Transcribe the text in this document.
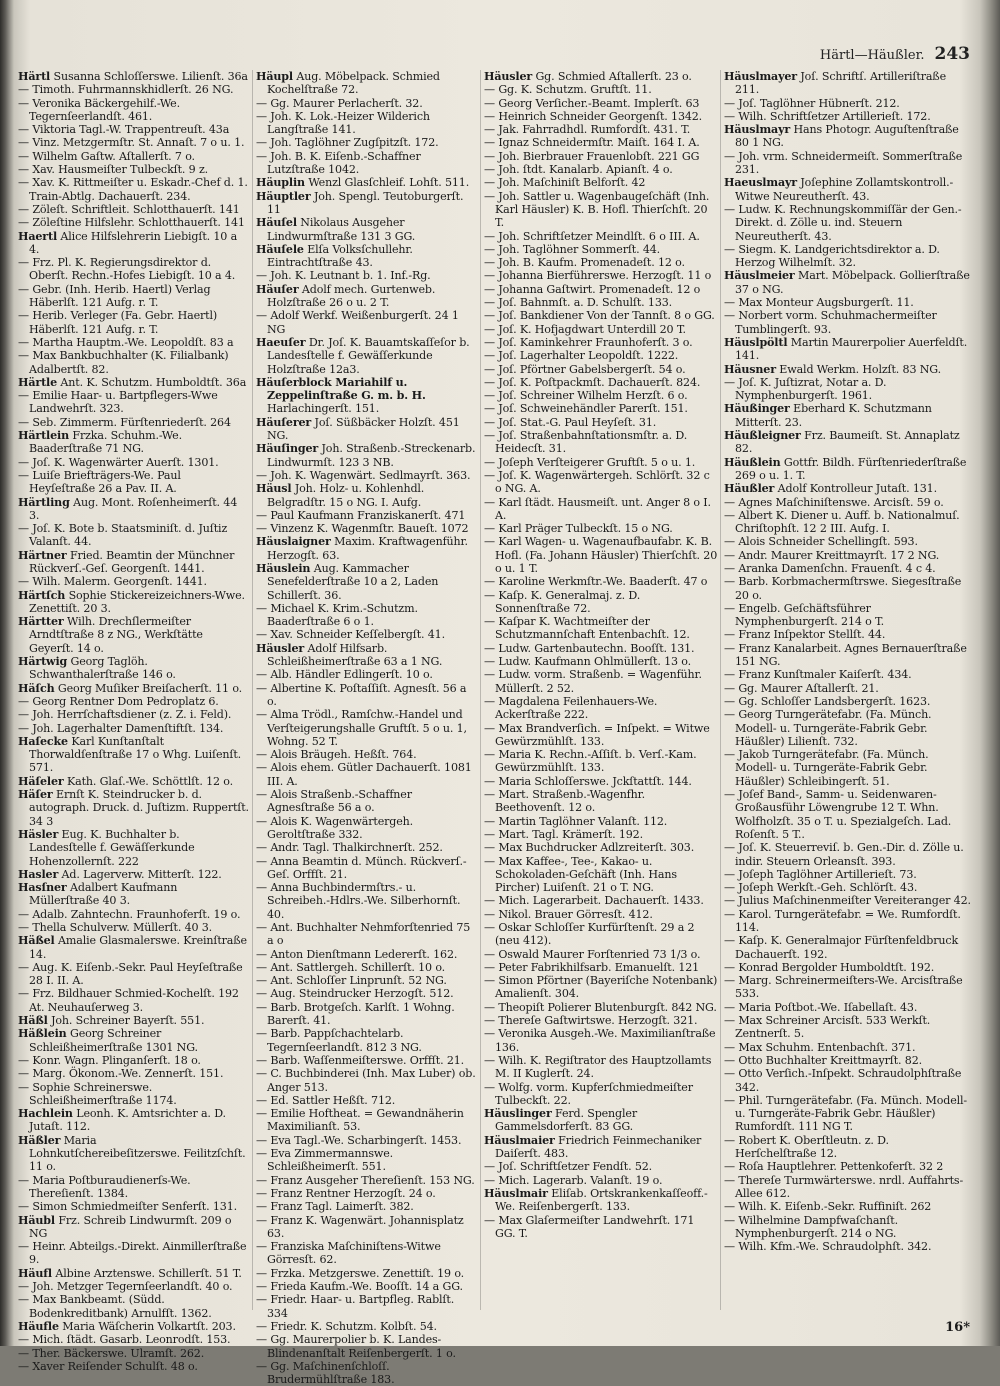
Härtl—Häußler. 243

Härtl Susanna Schloſſerswe. Lilienſt. 36a

— Timoth. Fuhrmannskhidlerſt. 26 NG.

— Veronika Bäckergehilf.-We. Tegernſeerlandſt. 461.

— Viktoria Tagl.-W. Trappentreuſt. 43a

— Vinz. Metzgermſtr. St. Annaſt. 7 o u. 1.

— Wilhelm Gaſtw. Aſtallerſt. 7 o.

— Xav. Hausmeiſter Tulbeckſt. 9 z.

— Xav. K. Rittmeiſter u. Eskadr.-Chef d. 1. Train-Abtlg. Dachauerſt. 234.

— Zöleſt. Schriftleit. Schlotthauerſt. 141

— Zöleſtine Hilfslehr. Schlotthauerſt. 141

Haertl Alice Hilfslehrerin Liebigſt. 10 a 4.

— Frz. Pl. K. Regierungsdirektor d. Oberſt. Rechn.-Hofes Liebigſt. 10 a 4.

— Gebr. (Inh. Herib. Haertl) Verlag Häberlſt. 121 Aufg. r. T.

— Herib. Verleger (Fa. Gebr. Haertl) Häberlſt. 121 Aufg. r. T.

— Martha Hauptm.-We. Leopoldſt. 83 a

— Max Bankbuchhalter (K. Filialbank) Adalbertſt. 82.

Härtle Ant. K. Schutzm. Humboldtſt. 36a

— Emilie Haar- u. Bartpflegers-Wwe Landwehrſt. 323.

— Seb. Zimmerm. Fürſtenriederſt. 264

Härtlein Frzka. Schuhm.-We. Baaderſtraße 71 NG.

— Joſ. K. Wagenwärter Auerſt. 1301.

— Luiſe Briefträgers-We. Paul Heyſeſtraße 26 a Pav. II. A.

Härtling Aug. Mont. Roſenheimerſt. 44 3.

— Joſ. K. Bote b. Staatsminiſt. d. Juſtiz Valanſt. 44.

Härtner Fried. Beamtin der Münchner Rückverſ.-Geſ. Georgenſt. 1441.

— Wilh. Malerm. Georgenſt. 1441.

Härtſch Sophie Stickereizeichners-Wwe. Zenettiſt. 20 3.

Härtter Wilh. Drechſlermeiſter Arndtſtraße 8 z NG., Werkſtätte Geyerſt. 14 o.

Härtwig Georg Taglöh. Schwanthalerſtraße 146 o.

Häſch Georg Muſiker Breiſacherſt. 11 o.

— Georg Rentner Dom Pedroplatz 6.

— Joh. Herrſchaftsdiener (z. Z. i. Feld).

— Joh. Lagerhalter Damenſtiftſt. 134.

Haſecke Karl Kunſtanſtalt Thorwaldſenſtraße 17 o Whg. Luiſenſt. 571.

Häſeler Kath. Glaſ.-We. Schöttlſt. 12 o.

Häſer Ernſt K. Steindrucker b. d. autograph. Druck. d. Juſtizm. Ruppertſt. 34 3

Häsler Eug. K. Buchhalter b. Landesſtelle f. Gewäſſerkunde Hohenzollernſt. 222

Hasler Ad. Lagerverw. Mitterſt. 122.

Hasſner Adalbert Kaufmann Müllerſtraße 40 3.

— Adalb. Zahntechn. Fraunhoferſt. 19 o.

— Thella Schulverw. Müllerſt. 40 3.

Häßel Amalie Glasmalerswe. Kreinſtraße 14.

— Aug. K. Eiſenb.-Sekr. Paul Heyſeſtraße 28 I. II. A.

— Frz. Bildhauer Schmied-Kochelſt. 192 At. Neuhauſerweg 3.

Häßl Joh. Schreiner Bayerſt. 551.

Häßlein Georg Schreiner Schleißheimerſtraße 1301 NG.

— Konr. Wagn. Plinganſerſt. 18 o.

— Marg. Ökonom.-We. Zennerſt. 151.

— Sophie Schreinerswe. Schleißheimerſtraße 1174.

Hachlein Leonh. K. Amtsrichter a. D. Jutaſt. 112.

Häßler Maria Lohnkutſchereibeſitzerswe. Feilitzſchſt. 11 o.

— Maria Poſtburaudienerſs-We. Thereſienſt. 1384.

— Simon Schmiedmeiſter Senferſt. 131.

Häubl Frz. Schreib Lindwurmſt. 209 o NG

— Heinr. Abteilgs.-Direkt. Ainmillerſtraße 9.

Häufl Albine Arztenswe. Schillerſt. 51 T.

— Joh. Metzger Tegernſeerlandſt. 40 o.

— Max Bankbeamt. (Südd. Bodenkreditbank) Arnulfſt. 1362.

Häufle Maria Wäſcherin Volkartſt. 203.

— Mich. ſtädt. Gasarb. Leonrodſt. 153.

— Ther. Bäckerswe. Ulramſt. 262.

— Xaver Reiſender Schulſt. 48 o.

Häupl Aug. Möbelpack. Schmied Kochelſtraße 72.

— Gg. Maurer Perlacherſt. 32.

— Joh. K. Lok.-Heizer Wilderich Langſtraße 141.

— Joh. Taglöhner Zugſpitzſt. 172.

— Joh. B. K. Eiſenb.-Schaffner Lutzſtraße 1042.

Häuplin Wenzl Glasſchleif. Lohſt. 511.

Häuptler Joh. Spengl. Teutoburgerſt. 11

Häuſel Nikolaus Ausgeher Lindwurmſtraße 131 3 GG.

Häuſele Elſa Volksſchullehr. Eintrachtſtraße 43.

— Joh. K. Leutnant b. 1. Inf.-Rg.

Häuſer Adolf mech. Gurtenweb. Holzſtraße 26 o u. 2 T.

— Adolf Werkf. Weißenburgerſt. 24 1 NG

Haeuſer Dr. Joſ. K. Bauamtskaſſeſor b. Landesſtelle f. Gewäſſerkunde Holzſtraße 12a3.

Häuſerblock Mariahilf u. Zeppelinſtraße G. m. b. H. Harlachingerſt. 151.

Häuſerer Joſ. Süßbäcker Holzſt. 451 NG.

Häuſinger Joh. Straßenb.-Streckenarb. Lindwurmſt. 123 3 NB.

— Joh. K. Wagenwärt. Sedlmayrſt. 363.

Häusl Joh. Holz- u. Kohlenhdl. Belgradſtr. 15 o NG. I. Aufg.

— Paul Kaufmann Franziskanerſt. 471

— Vinzenz K. Wagenmſtr. Baueſt. 1072

Häuslaigner Maxim. Kraftwagenführ. Herzogſt. 63.

Häuslein Aug. Kammacher Senefelderſtraße 10 a 2, Laden Schillerſt. 36.

— Michael K. Krim.-Schutzm. Baaderſtraße 6 o 1.

— Xav. Schneider Keſſelbergſt. 41.

Häusler Adolf Hilfsarb. Schleißheimerſtraße 63 a 1 NG.

— Alb. Händler Edlingerſt. 10 o.

— Albertine K. Poſtaſſiſt. Agnesſt. 56 a o.

— Alma Trödl., Ramſchw.-Handel und Verſteigerungshalle Gruftſt. 5 o u. 1, Wohng. 52 T.

— Alois Bräugeh. Heßſt. 764.

— Alois ehem. Gütler Dachauerſt. 1081 III. A.

— Alois Straßenb.-Schaffner Agnesſtraße 56 a o.

— Alois K. Wagenwärtergeh. Geroltſtraße 332.

— Andr. Tagl. Thalkirchnerſt. 252.

— Anna Beamtin d. Münch. Rückverſ.-Geſ. Orffſt. 21.

— Anna Buchbindermſtrs.- u. Schreibeh.-Hdlrs.-We. Silberhornſt. 40.

— Ant. Buchhalter Nehmforſtenried 75 a o

— Anton Dienſtmann Ledererſt. 162.

— Ant. Sattlergeh. Schillerſt. 10 o.

— Ant. Schloſſer Linprunſt. 52 NG.

— Aug. Steindrucker Herzogſt. 512.

— Barb. Brotgeſch. Karlſt. 1 Wohng. Barerſt. 41.

— Barb. Pappſchachtelarb. Tegernſeerlandſt. 812 3 NG.

— Barb. Waſſenmeiſterswe. Orffſt. 21.

— C. Buchbinderei (Inh. Max Luber) ob. Anger 513.

— Ed. Sattler Heßſt. 712.

— Emilie Hoftheat. = Gewandnäherin Maximilianſt. 53.

— Eva Tagl.-We. Scharbingerſt. 1453.

— Eva Zimmermannswe. Schleißheimerſt. 551.

— Franz Ausgeher Thereſienſt. 153 NG.

— Franz Rentner Herzogſt. 24 o.

— Franz Tagl. Laimerſt. 382.

— Franz K. Wagenwärt. Johannisplatz 63.

— Franziska Maſchiniſtens-Witwe Görresſt. 62.

— Frzka. Metzgerswe. Zenettiſt. 19 o.

— Frieda Kaufm.-We. Booſſt. 14 a GG.

— Friedr. Haar- u. Bartpfleg. Rablſt. 334

— Friedr. K. Schutzm. Kolbſt. 54.

— Gg. Maurerpolier b. K. Landes-Blindenanſtalt Reiſenbergerſt. 1 o.

— Gg. Maſchinenſchloſſ. Brudermühlſtraße 183.

Häusler Gg. Schmied Aſtallerſt. 23 o.

— Gg. K. Schutzm. Gruftſt. 11.

— Georg Verſicher.-Beamt. Implerſt. 63

— Heinrich Schneider Georgenſt. 1342.

— Jak. Fahrradhdl. Rumfordſt. 431. T.

— Ignaz Schneidermſtr. Maiſt. 164 I. A.

— Joh. Bierbrauer Frauenlobſt. 221 GG

— Joh. ſtdt. Kanalarb. Apianſt. 4 o.

— Joh. Maſchiniſt Belforſt. 42

— Joh. Sattler u. Wagenbaugeſchäft (Inh. Karl Häusler) K. B. Hofl. Thierſchſt. 20 T.

— Joh. Schriftſetzer Meindlſt. 6 o III. A.

— Joh. Taglöhner Sommerſt. 44.

— Joh. B. Kaufm. Promenadeſt. 12 o.

— Johanna Bierführerswe. Herzogſt. 11 o

— Johanna Gaſtwirt. Promenadeſt. 12 o

— Joſ. Bahnmſt. a. D. Schulſt. 133.

— Joſ. Bankdiener Von der Tannſt. 8 o GG.

— Joſ. K. Hofjagdwart Unterdill 20 T.

— Joſ. Kaminkehrer Fraunhoferſt. 3 o.

— Joſ. Lagerhalter Leopoldſt. 1222.

— Joſ. Pförtner Gabelsbergerſt. 54 o.

— Joſ. K. Poſtpackmſt. Dachauerſt. 824.

— Joſ. Schreiner Wilhelm Herzſt. 6 o.

— Joſ. Schweinehändler Parerſt. 151.

— Joſ. Stat.-G. Paul Heyſeſt. 31.

— Joſ. Straßenbahnſtationsmſtr. a. D. Heidecſt. 31.

— Joſeph Verſteigerer Gruftſt. 5 o u. 1.

— Joſ. K. Wagenwärtergeh. Schlörſt. 32 c o NG. A.

— Karl ſtädt. Hausmeiſt. unt. Anger 8 o I. A.

— Karl Präger Tulbeckſt. 15 o NG.

— Karl Wagen- u. Wagenaufbaufabr. K. B. Hofl. (Fa. Johann Häusler) Thierſchſt. 20 o u. 1 T.

— Karoline Werkmſtr.-We. Baaderſt. 47 o

— Kaſp. K. Generalmaj. z. D. Sonnenſtraße 72.

— Kaſpar K. Wachtmeiſter der Schutzmannſchaft Entenbachſt. 12.

— Ludw. Gartenbautechn. Booſſt. 131.

— Ludw. Kaufmann Ohlmüllerſt. 13 o.

— Ludw. vorm. Straßenb. = Wagenführ. Müllerſt. 2 52.

— Magdalena Feilenhauers-We. Ackerſtraße 222.

— Max Brandverſich. = Inſpekt. = Witwe Gewürzmühlſt. 133.

— Maria K. Rechn.-Aſſiſt. b. Verſ.-Kam. Gewürzmühlſt. 133.

— Maria Schloſſerswe. Jckſtattſt. 144.

— Mart. Straßenb.-Wagenfhr. Beethovenſt. 12 o.

— Martin Taglöhner Valanſt. 112.

— Mart. Tagl. Krämerſt. 192.

— Max Buchdrucker Adlzreiterſt. 303.

— Max Kaffee-, Tee-, Kakao- u. Schokoladen-Geſchäft (Inh. Hans Pircher) Luiſenſt. 21 o T. NG.

— Mich. Lagerarbeit. Dachauerſt. 1433.

— Nikol. Brauer Görresſt. 412.

— Oskar Schloſſer Kurfürſtenſt. 29 a 2 (neu 412).

— Oswald Maurer Forſtenried 73 1/3 o.

— Peter Fabrikhilfsarb. Emanuelſt. 121

— Simon Pförtner (Bayeriſche Notenbank) Amalienſt. 304.

— Theopiſt Polierer Blutenburgſt. 842 NG.

— Thereſe Gaſtwirtswe. Herzogſt. 321.

— Veronika Ausgeh.-We. Maximilianſtraße 136.

— Wilh. K. Regiſtrator des Hauptzollamts M. II Kuglerſt. 24.

— Wolfg. vorm. Kupferſchmiedmeiſter Tulbeckſt. 22.

Häuslinger Ferd. Spengler Gammelsdorferſt. 83 GG.

Häuslmaier Friedrich Feinmechaniker Daiſerſt. 483.

— Joſ. Schriftſetzer Fendſt. 52.

— Mich. Lagerarb. Valanſt. 19 o.

Häuslmair Eliſab. Ortskrankenkaſſeoff.-We. Reiſenbergerſt. 133.

— Max Glaſermeiſter Landwehrſt. 171 GG. T.

Häuslmayer Joſ. Schriftſ. Artilleriſtraße 211.

— Joſ. Taglöhner Hübnerſt. 212.

— Wilh. Schriftſetzer Artillerieſt. 172.

Häuslmayr Hans Photogr. Auguſtenſtraße 80 1 NG.

— Joh. vrm. Schneidermeiſt. Sommerſtraße 231.

Haeuslmayr Joſephine Zollamtskontroll.-Witwe Neureutherſt. 43.

— Ludw. K. Rechnungskommiſſär der Gen.-Direkt. d. Zölle u. ind. Steuern Neureutherſt. 43.

— Siegm. K. Landgerichtsdirektor a. D. Herzog Wilhelmſt. 32.

Häuslmeier Mart. Möbelpack. Gollierſtraße 37 o NG.

— Max Monteur Augsburgerſt. 11.

— Norbert vorm. Schuhmachermeiſter Tumblingerſt. 93.

Häuslpöltl Martin Maurerpolier Auerfeldſt. 141.

Häusner Ewald Werkm. Holzſt. 83 NG.

— Joſ. K. Juſtizrat, Notar a. D. Nymphenburgerſt. 1961.

Häußinger Eberhard K. Schutzmann Mitterſt. 23.

Häußleigner Frz. Baumeiſt. St. Annaplatz 82.

Häußlein Gottfr. Bildh. Fürſtenriederſtraße 269 o u. 1. T.

Häußler Adolf Kontrolleur Jutaſt. 131.

— Agnes Maſchiniſtenswe. Arcisſt. 59 o.

— Albert K. Diener u. Auff. b. Nationalmuſ. Chriſtophſt. 12 2 III. Aufg. I.

— Alois Schneider Schellingſt. 593.

— Andr. Maurer Kreittmayrſt. 17 2 NG.

— Aranka Damenſchn. Frauenſt. 4 c 4.

— Barb. Korbmachermſtrswe. Siegesſtraße 20 o.

— Engelb. Geſchäftsführer Nymphenburgerſt. 214 o T.

— Franz Inſpektor Stellſt. 44.

— Franz Kanalarbeit. Agnes Bernauerſtraße 151 NG.

— Franz Kunſtmaler Kaiſerſt. 434.

— Gg. Maurer Aſtallerſt. 21.

— Gg. Schloſſer Landsbergerſt. 1623.

— Georg Turngerätefabr. (Fa. Münch. Modell- u. Turngeräte-Fabrik Gebr. Häußler) Lilienſt. 732.

— Jakob Turngerätefabr. (Fa. Münch. Modell- u. Turngeräte-Fabrik Gebr. Häußler) Schleibingerſt. 51.

— Joſef Band-, Samm- u. Seidenwaren-Großausführ Löwengrube 12 T. Whn. Wolfholzſt. 35 o T. u. Spezialgeſch. Lad. Roſenſt. 5 T..

— Joſ. K. Steuerreviſ. b. Gen.-Dir. d. Zölle u. indir. Steuern Orleansſt. 393.

— Joſeph Taglöhner Artillerieſt. 73.

— Joſeph Werkſt.-Geh. Schlörſt. 43.

— Julius Maſchinenmeiſter Vereiteranger 42.

— Karol. Turngerätefabr. = We. Rumfordſt. 114.

— Kaſp. K. Generalmajor Fürſtenfeldbruck Dachauerſt. 192.

— Konrad Bergolder Humboldtſt. 192.

— Marg. Schreinermeiſters-We. Arcisſtraße 533.

— Maria Poſtbot.-We. Iſabellaſt. 43.

— Max Schreiner Arcisſt. 533 Werkſt. Zentnerſt. 5.

— Max Schuhm. Entenbachſt. 371.

— Otto Buchhalter Kreittmayrſt. 82.

— Otto Verſich.-Inſpekt. Schraudolphſtraße 342.

— Phil. Turngerätefabr. (Fa. Münch. Modell- u. Turngeräte-Fabrik Gebr. Häußler) Rumfordſt. 111 NG T.

— Robert K. Oberſtleutn. z. D. Herſchelſtraße 12.

— Roſa Hauptlehrer. Pettenkoferſt. 32 2

— Thereſe Turmwärterswe. nrdl. Auffahrts-Allee 612.

— Wilh. K. Eiſenb.-Sekr. Ruffiniſt. 262

— Wilhelmine Dampfwaſchanſt. Nymphenburgerſt. 214 o NG.

— Wilh. Kfm.-We. Schraudolphſt. 342.

16*
